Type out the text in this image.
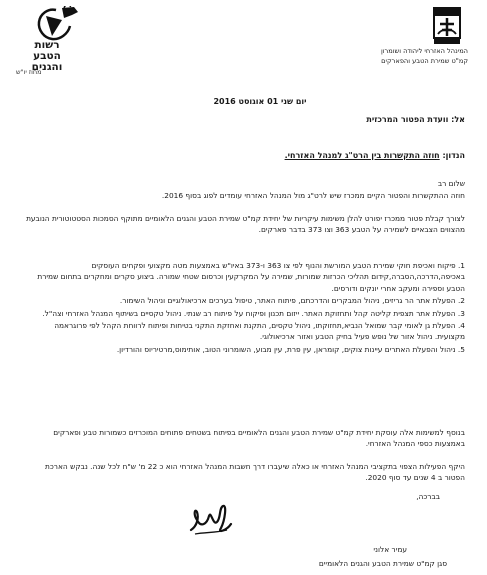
רשות
הטבע
והגנים
מחוז יו"ש
המינהל האזרחי ליהודה ושומרון
קמ"ט שמירת הטבע והפארקים
יום שני 01 אוגוסט 2016
אל: וועדת הפטור המרכזית
הנדון: חוזה התקשרות בין הרט"ג למנהל האזרחי.
שלום רב
חוזה ההתקשרות והפטור הקיים ממכרז שיש לרט"ג מול המנהל האזרחי עומדים לפוג בסוף 2016.
לצורך קבלת פטור ממכרז יפורט להלן משימות עיקריות של יחידת קמ"ט שמירת הטבע והגנים הלאומיים מתוקף הסמכות הסטטוטורית הנובעת מהצווים הצבאיים לשמירה על הטבע 363 וצו 373 בדבר פארקים.
1. פיקוח ואכיפת חוקי שמירת הטבע המורשת והנוף לפי צו 363 ו-373 באיו"ש באמצעות מטה מקצועי ופקחים העוסקים באכיפה,הדרכה,הסברה,קידום תהליכי הכרזות שמורות, שמירה על המקרקעין וכרסום שטחי שמורה. ביצוע סקרים ומחקרים בתחום שמירת הטבע וספירה ומעקב אחרי יונקים ודורסים.
2. הפעלת אתר הר גריזים, ניהול המבקרים והדרכתם, פיתוח האתר, טיפול בערכים ארכיאולוגיים וניהול השימור.
3. הפעלת אתר תצפית קליטה קהל ותחזוקת האתר. ייזום תכנון ופיקוח על פיתוח רב שנתי. ניהול טקסיים בשיתוף המנהל האזרחי וצה"ל.
4. הפעלת גן לאומי קבר שמואל הנביא,תחזוקתו, ניהול טקסים, התקנת ואחזקת התקני בטיחות ופיתוח לרווחת הקהל לפי פרוגראמה מקצועית. ניהול אזור של נופש פעיל בחיק הטבע ואזור ארכיאולוגי.
5. ניהול והפעלת האתרים עיינות צוקים, קומראן, עין פרת, עין מבוע, השומרוני הטוב, אותימוס,מרטיריוס והורדיון.
בנוסף למשימות אלה עוסקת יחידת קמ"ט שמירת הטבע והגנים הלאומיים בפיתוח בשטחים פתוחים המוכרזים כשמורות טבע ופארקים באמצעות כספי המנהל האזרחי.
היקף הפעילות הצפוי בתקציבי המנהל האזרחי או כאלה שיעברו דרך חשבות המנהל האזרחי הוא כ 22 מ' ש"ח לכל שנה. נבקש הארכת הפטור ב 4 שנים עד סוף 2020.
בברכה,
עמיר אלוני
סגן קמ"ט שמירת הטבע והגנים הלאומיים
